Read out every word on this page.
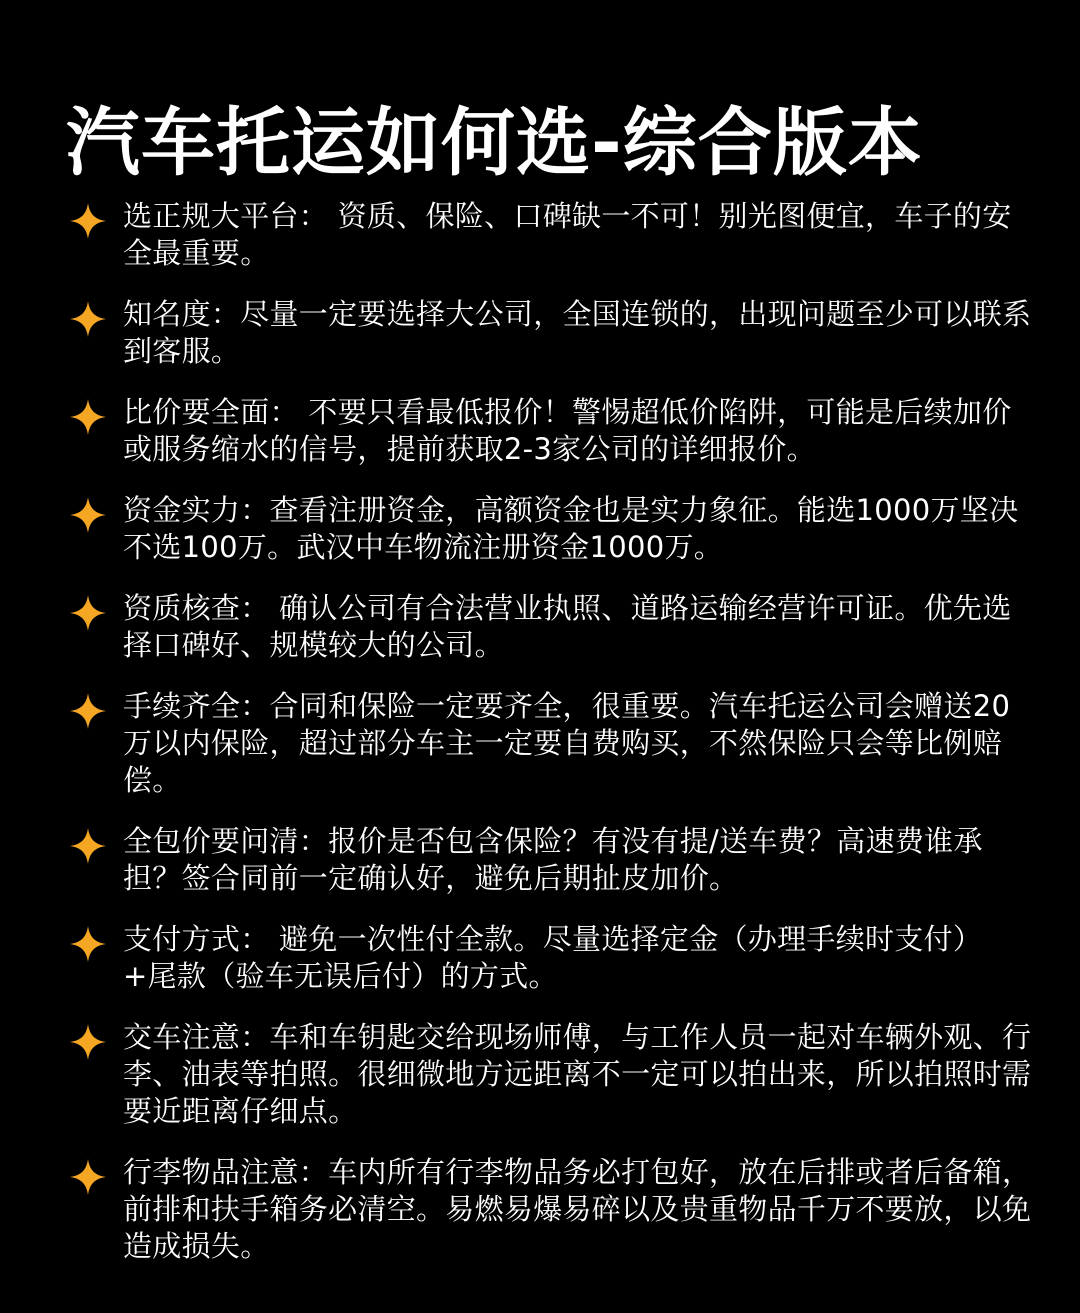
汽车托运如何选-综合版本
选正规大平台： 资质、保险、口碑缺一不可！别光图便宜，车子的安全最重要。
知名度：尽量一定要选择大公司，全国连锁的，出现问题至少可以联系到客服。
比价要全面： 不要只看最低报价！警惕超低价陷阱，可能是后续加价或服务缩水的信号，提前获取2-3家公司的详细报价。
资金实力：查看注册资金，高额资金也是实力象征。能选1000万坚决不选100万。武汉中车物流注册资金1000万。
资质核查： 确认公司有合法营业执照、道路运输经营许可证。优先选择口碑好、规模较大的公司。
手续齐全：合同和保险一定要齐全，很重要。汽车托运公司会赠送20万以内保险，超过部分车主一定要自费购买，不然保险只会等比例赔偿。
全包价要问清：报价是否包含保险？有没有提/送车费？高速费谁承担？签合同前一定确认好，避免后期扯皮加价。
支付方式： 避免一次性付全款。尽量选择定金（办理手续时支付）+尾款（验车无误后付）的方式。
交车注意：车和车钥匙交给现场师傅，与工作人员一起对车辆外观、行李、油表等拍照。很细微地方远距离不一定可以拍出来，所以拍照时需要近距离仔细点。
行李物品注意：车内所有行李物品务必打包好，放在后排或者后备箱，前排和扶手箱务必清空。易燃易爆易碎以及贵重物品千万不要放，以免造成损失。
